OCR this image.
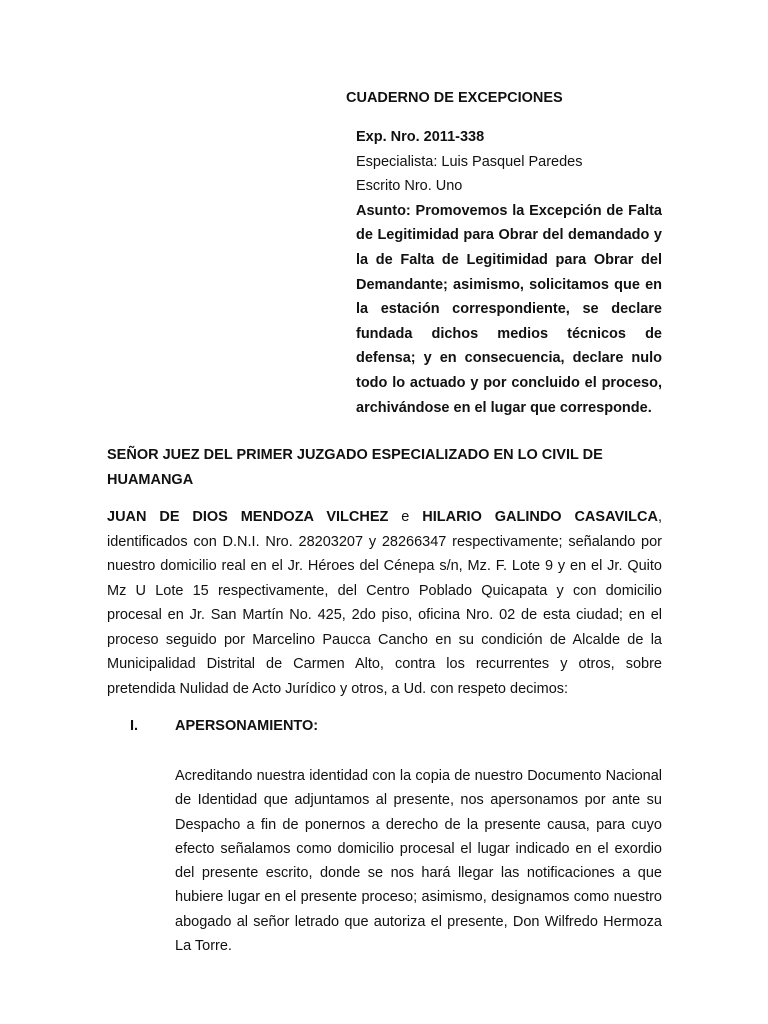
CUADERNO DE EXCEPCIONES

Exp. Nro. 2011-338

Especialista: Luis Pasquel Paredes

Escrito Nro. Uno

Asunto: Promovemos la Excepción de Falta de Legitimidad para Obrar del demandado y la de Falta de Legitimidad para Obrar del Demandante; asimismo, solicitamos que en la estación correspondiente, se declare fundada dichos medios técnicos de defensa; y en consecuencia, declare nulo todo lo actuado y por concluido el proceso, archivándose en el lugar que corresponde.

SEÑOR JUEZ DEL PRIMER JUZGADO ESPECIALIZADO EN LO CIVIL DE HUAMANGA

JUAN DE DIOS MENDOZA VILCHEZ e HILARIO GALINDO CASAVILCA, identificados con D.N.I. Nro. 28203207 y 28266347 respectivamente; señalando por nuestro domicilio real en el Jr. Héroes del Cénepa s/n, Mz. F. Lote 9 y en el Jr. Quito Mz U Lote 15 respectivamente, del Centro Poblado Quicapata y con domicilio procesal en Jr. San Martín No. 425, 2do piso, oficina Nro. 02 de esta ciudad; en el proceso seguido por Marcelino Paucca Cancho en su condición de Alcalde de la Municipalidad Distrital de Carmen Alto, contra los recurrentes y otros, sobre pretendida Nulidad de Acto Jurídico y otros, a Ud. con respeto decimos:

I.	APERSONAMIENTO:

Acreditando nuestra identidad con la copia de nuestro Documento Nacional de Identidad que adjuntamos al presente, nos apersonamos por ante su Despacho a fin de ponernos a derecho de la presente causa, para cuyo efecto señalamos como domicilio procesal el lugar indicado en el exordio del presente escrito, donde se nos hará llegar las notificaciones a que hubiere lugar en el presente proceso; asimismo, designamos como nuestro abogado al señor letrado que autoriza el presente, Don Wilfredo Hermoza La Torre.
